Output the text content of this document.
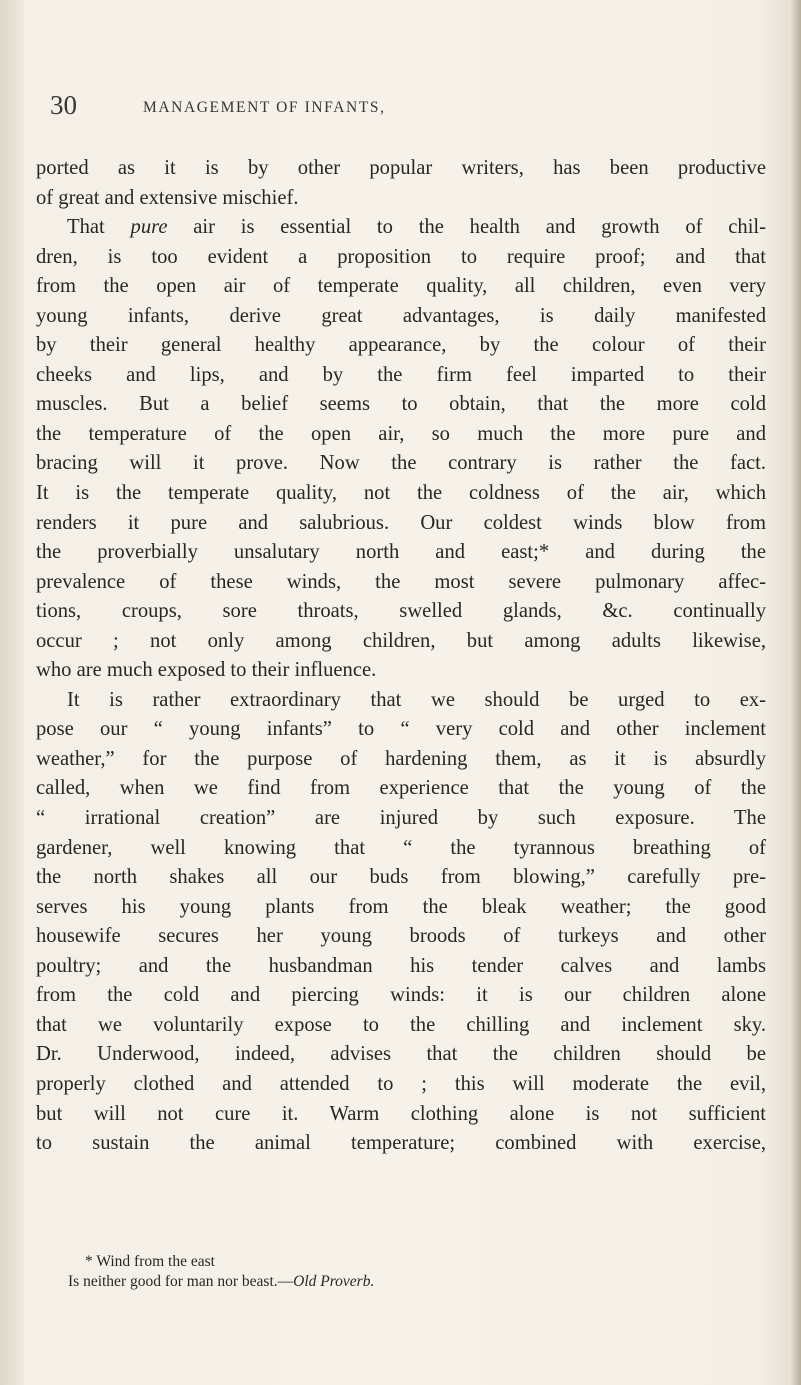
30	MANAGEMENT OF INFANTS,
ported as it is by other popular writers, has been productive
of great and extensive mischief.
That pure air is essential to the health and growth of chil-
dren, is too evident a proposition to require proof; and that
from the open air of temperate quality, all children, even very
young infants, derive great advantages, is daily manifested
by their general healthy appearance, by the colour of their
cheeks and lips, and by the firm feel imparted to their
muscles. But a belief seems to obtain, that the more cold
the temperature of the open air, so much the more pure and
bracing will it prove. Now the contrary is rather the fact.
It is the temperate quality, not the coldness of the air, which
renders it pure and salubrious. Our coldest winds blow from
the proverbially unsalutary north and east;* and during the
prevalence of these winds, the most severe pulmonary affec-
tions, croups, sore throats, swelled glands, &c. continually
occur ; not only among children, but among adults likewise,
who are much exposed to their influence.
It is rather extraordinary that we should be urged to ex-
pose our “ young infants” to “ very cold and other inclement
weather,” for the purpose of hardening them, as it is absurdly
called, when we find from experience that the young of the
“ irrational creation” are injured by such exposure. The
gardener, well knowing that “ the tyrannous breathing of
the north shakes all our buds from blowing,” carefully pre-
serves his young plants from the bleak weather; the good
housewife secures her young broods of turkeys and other
poultry; and the husbandman his tender calves and lambs
from the cold and piercing winds: it is our children alone
that we voluntarily expose to the chilling and inclement sky.
Dr. Underwood, indeed, advises that the children should be
properly clothed and attended to ; this will moderate the evil,
but will not cure it. Warm clothing alone is not sufficient
to sustain the animal temperature; combined with exercise,
* Wind from the east
Is neither good for man nor beast.—Old Proverb.
